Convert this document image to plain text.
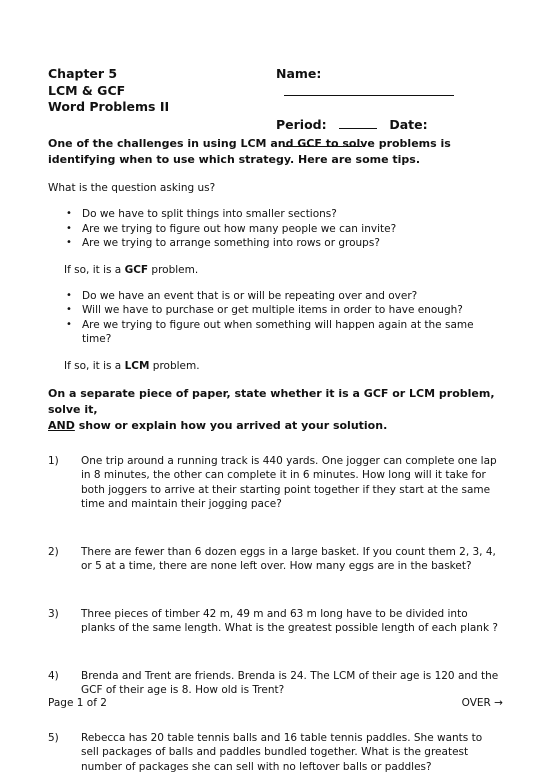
Chapter 5
LCM & GCF
Word Problems II
Name:
Period:	Date:
One of the challenges in using LCM and GCF to solve problems is identifying when to use which strategy. Here are some tips.
What is the question asking us?
• Do we have to split things into smaller sections?
• Are we trying to figure out how many people we can invite?
• Are we trying to arrange something into rows or groups?
If so, it is a GCF problem.
• Do we have an event that is or will be repeating over and over?
• Will we have to purchase or get multiple items in order to have enough?
• Are we trying to figure out when something will happen again at the same time?
If so, it is a LCM problem.
On a separate piece of paper, state whether it is a GCF or LCM problem, solve it,
AND show or explain how you arrived at your solution.
1) One trip around a running track is 440 yards. One jogger can complete one lap in 8 minutes, the other can complete it in 6 minutes. How long will it take for both joggers to arrive at their starting point together if they start at the same time and maintain their jogging pace?
2) There are fewer than 6 dozen eggs in a large basket. If you count them 2, 3, 4, or 5 at a time, there are none left over. How many eggs are in the basket?
3) Three pieces of timber 42 m, 49 m and 63 m long have to be divided into planks of the same length. What is the greatest possible length of each plank ?
4) Brenda and Trent are friends. Brenda is 24. The LCM of their age is 120 and the GCF of their age is 8. How old is Trent?
5) Rebecca has 20 table tennis balls and 16 table tennis paddles. She wants to sell packages of balls and paddles bundled together. What is the greatest number of packages she can sell with no leftover balls or paddles?
Page 1 of 2	OVER →
